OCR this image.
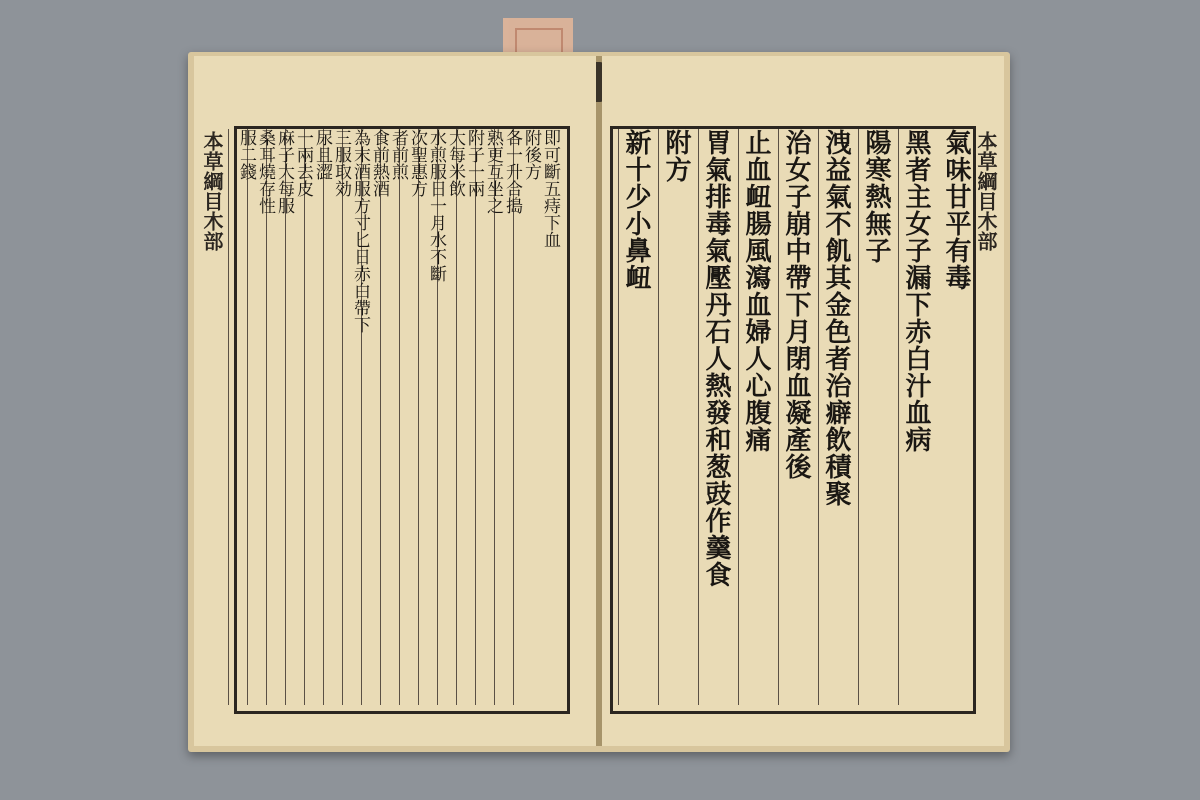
本草綱目木部	即可斷五痔下血
附後方
各一升合搗
熟更互坐之
附子一兩
大每米飲
水煎服日一月水不斷
次聖惠方
者前煎
食前熱酒
為末酒服方寸匕日赤白帶下
三服取効
尿且澀
一兩去皮
麻子大每服
桑耳燒存性
服二錢	本草綱目木部
氣味甘平有毒
黑者主女子漏下赤白汁血病
陽寒熱無子
洩益氣不飢其金色者治癖飲積聚
治女子崩中帶下月閉血凝產後
止血衄腸風瀉血婦人心腹痛
胃氣排毒氣壓丹石人熱發和葱豉作羹食
附方
新十少小鼻衄
